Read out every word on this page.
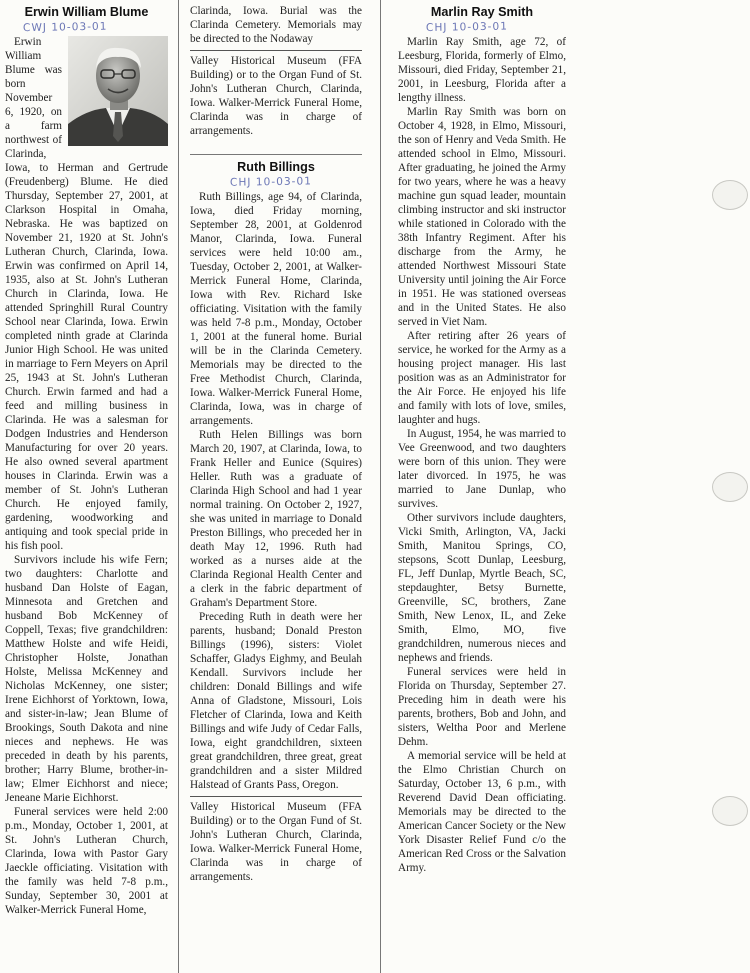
Erwin William Blume
CWJ 10-03-01

Erwin William Blume was born November 6, 1920, on a farm northwest of Clarinda, Iowa, to Herman and Gertrude (Freudenberg) Blume. He died Thursday, September 27, 2001, at Clarkson Hospital in Omaha, Nebraska. He was baptized on November 21, 1920 at St. John's Lutheran Church, Clarinda, Iowa. Erwin was confirmed on April 14, 1935, also at St. John's Lutheran Church in Clarinda, Iowa. He attended Springhill Rural Country School near Clarinda, Iowa. Erwin completed ninth grade at Clarinda Junior High School. He was united in marriage to Fern Meyers on April 25, 1943 at St. John's Lutheran Church. Erwin farmed and had a feed and milling business in Clarinda. He was a salesman for Dodgen Industries and Henderson Manufacturing for over 20 years. He also owned several apartment houses in Clarinda. Erwin was a member of St. John's Lutheran Church. He enjoyed family, gardening, woodworking and antiquing and took special pride in his fish pool.

Survivors include his wife Fern; two daughters: Charlotte and husband Dan Holste of Eagan, Minnesota and Gretchen and husband Bob McKenney of Coppell, Texas; five grandchildren: Matthew Holste and wife Heidi, Christopher Holste, Jonathan Holste, Melissa McKenney and Nicholas McKenney, one sister; Irene Eichhorst of Yorktown, Iowa, and sister-in-law; Jean Blume of Brookings, South Dakota and nine nieces and nephews. He was preceded in death by his parents, brother; Harry Blume, brother-in-law; Elmer Eichhorst and niece; Jeneane Marie Eichhorst.

Funeral services were held 2:00 p.m., Monday, October 1, 2001, at St. John's Lutheran Church, Clarinda, Iowa with Pastor Gary Jaeckle officiating. Visitation with the family was held 7-8 p.m., Sunday, September 30, 2001 at Walker-Merrick Funeral Home,

Clarinda, Iowa. Burial was the Clarinda Cemetery. Memorials may be directed to the Nodaway

Valley Historical Museum (FFA Building) or to the Organ Fund of St. John's Lutheran Church, Clarinda, Iowa. Walker-Merrick Funeral Home, Clarinda was in charge of arrangements.

Ruth Billings
CHJ 10-03-01

Ruth Billings, age 94, of Clarinda, Iowa, died Friday morning, September 28, 2001, at Goldenrod Manor, Clarinda, Iowa. Funeral services were held 10:00 am., Tuesday, October 2, 2001, at Walker-Merrick Funeral Home, Clarinda, Iowa with Rev. Richard Iske officiating. Visitation with the family was held 7-8 p.m., Monday, October 1, 2001 at the funeral home. Burial will be in the Clarinda Cemetery. Memorials may be directed to the Free Methodist Church, Clarinda, Iowa. Walker-Merrick Funeral Home, Clarinda, Iowa, was in charge of arrangements.

Ruth Helen Billings was born March 20, 1907, at Clarinda, Iowa, to Frank Heller and Eunice (Squires) Heller. Ruth was a graduate of Clarinda High School and had 1 year normal training. On October 2, 1927, she was united in marriage to Donald Preston Billings, who preceded her in death May 12, 1996. Ruth had worked as a nurses aide at the Clarinda Regional Health Center and a clerk in the fabric department of Graham's Department Store.

Preceding Ruth in death were her parents, husband; Donald Preston Billings (1996), sisters: Violet Schaffer, Gladys Eighmy, and Beulah Kendall. Survivors include her children: Donald Billings and wife Anna of Gladstone, Missouri, Lois Fletcher of Clarinda, Iowa and Keith Billings and wife Judy of Cedar Falls, Iowa, eight grandchildren, sixteen great grandchildren, three great, great grandchildren and a sister Mildred Halstead of Grants Pass, Oregon.

Valley Historical Museum (FFA Building) or to the Organ Fund of St. John's Lutheran Church, Clarinda, Iowa. Walker-Merrick Funeral Home, Clarinda was in charge of arrangements.

Marlin Ray Smith
CHJ 10-03-01

Marlin Ray Smith, age 72, of Leesburg, Florida, formerly of Elmo, Missouri, died Friday, September 21, 2001, in Leesburg, Florida after a lengthy illness.

Marlin Ray Smith was born on October 4, 1928, in Elmo, Missouri, the son of Henry and Veda Smith. He attended school in Elmo, Missouri. After graduating, he joined the Army for two years, where he was a heavy machine gun squad leader, mountain climbing instructor and ski instructor while stationed in Colorado with the 38th Infantry Regiment. After his discharge from the Army, he attended Northwest Missouri State University until joining the Air Force in 1951. He was stationed overseas and in the United States. He also served in Viet Nam.

After retiring after 26 years of service, he worked for the Army as a housing project manager. His last position was as an Administrator for the Air Force. He enjoyed his life and family with lots of love, smiles, laughter and hugs.

In August, 1954, he was married to Vee Greenwood, and two daughters were born of this union. They were later divorced. In 1975, he was married to Jane Dunlap, who survives.

Other survivors include daughters, Vicki Smith, Arlington, VA, Jacki Smith, Manitou Springs, CO, stepsons, Scott Dunlap, Leesburg, FL, Jeff Dunlap, Myrtle Beach, SC, stepdaughter, Betsy Burnette, Greenville, SC, brothers, Zane Smith, New Lenox, IL, and Zeke Smith, Elmo, MO, five grandchildren, numerous nieces and nephews and friends.

Funeral services were held in Florida on Thursday, September 27. Preceding him in death were his parents, brothers, Bob and John, and sisters, Weltha Poor and Merlene Dehm.

A memorial service will be held at the Elmo Christian Church on Saturday, October 13, 6 p.m., with Reverend David Dean officiating. Memorials may be directed to the American Cancer Society or the New York Disaster Relief Fund c/o the American Red Cross or the Salvation Army.
